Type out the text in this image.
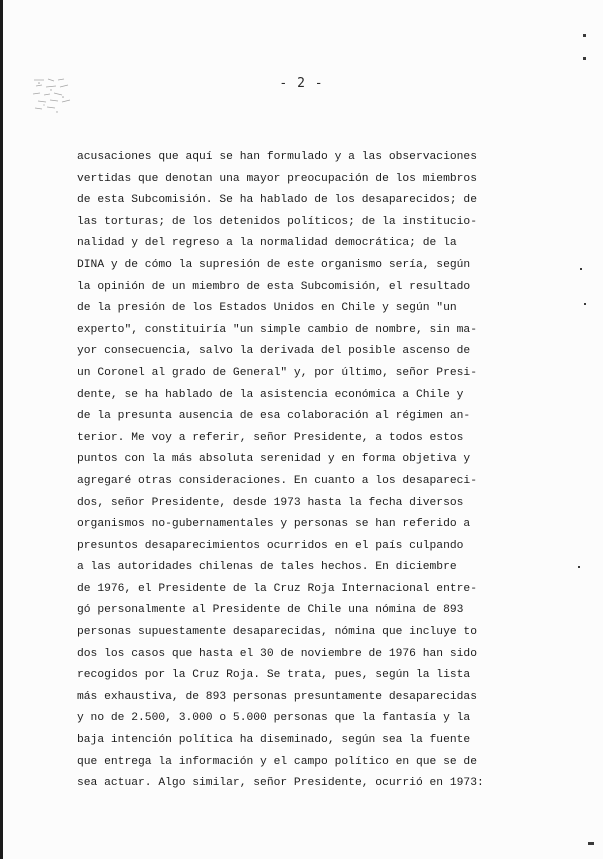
- 2 -
acusaciones que aquí se han formulado y a las observaciones
vertidas que denotan una mayor preocupación de los miembros
de esta Subcomisión. Se ha hablado de los desaparecidos; de
las torturas; de los detenidos políticos; de la institucio-
nalidad y del regreso a la normalidad democrática; de la
DINA y de cómo la supresión de este organismo sería, según
la opinión de un miembro de esta Subcomisión, el resultado
de la presión de los Estados Unidos en Chile y según "un
experto", constituiría "un simple cambio de nombre, sin ma-
yor consecuencia, salvo la derivada del posible ascenso de
un Coronel al grado de General" y, por último, señor Presi-
dente, se ha hablado de la asistencia económica a Chile y
de la presunta ausencia de esa colaboración al régimen an-
terior. Me voy a referir, señor Presidente, a todos estos
puntos con la más absoluta serenidad y en forma objetiva y
agregaré otras consideraciones. En cuanto a los desapareci-
dos, señor Presidente, desde 1973 hasta la fecha diversos
organismos no-gubernamentales y personas se han referido a
presuntos desaparecimientos ocurridos en el país culpando
a las autoridades chilenas de tales hechos. En diciembre
de 1976, el Presidente de la Cruz Roja Internacional entre-
gó personalmente al Presidente de Chile una nómina de 893
personas supuestamente desaparecidas, nómina que incluye to
dos los casos que hasta el 30 de noviembre de 1976 han sido
recogidos por la Cruz Roja. Se trata, pues, según la lista
más exhaustiva, de 893 personas presuntamente desaparecidas
y no de 2.500, 3.000 o 5.000 personas que la fantasía y la
baja intención política ha diseminado, según sea la fuente
que entrega la información y el campo político en que se de
sea actuar. Algo similar, señor Presidente, ocurrió en 1973:
